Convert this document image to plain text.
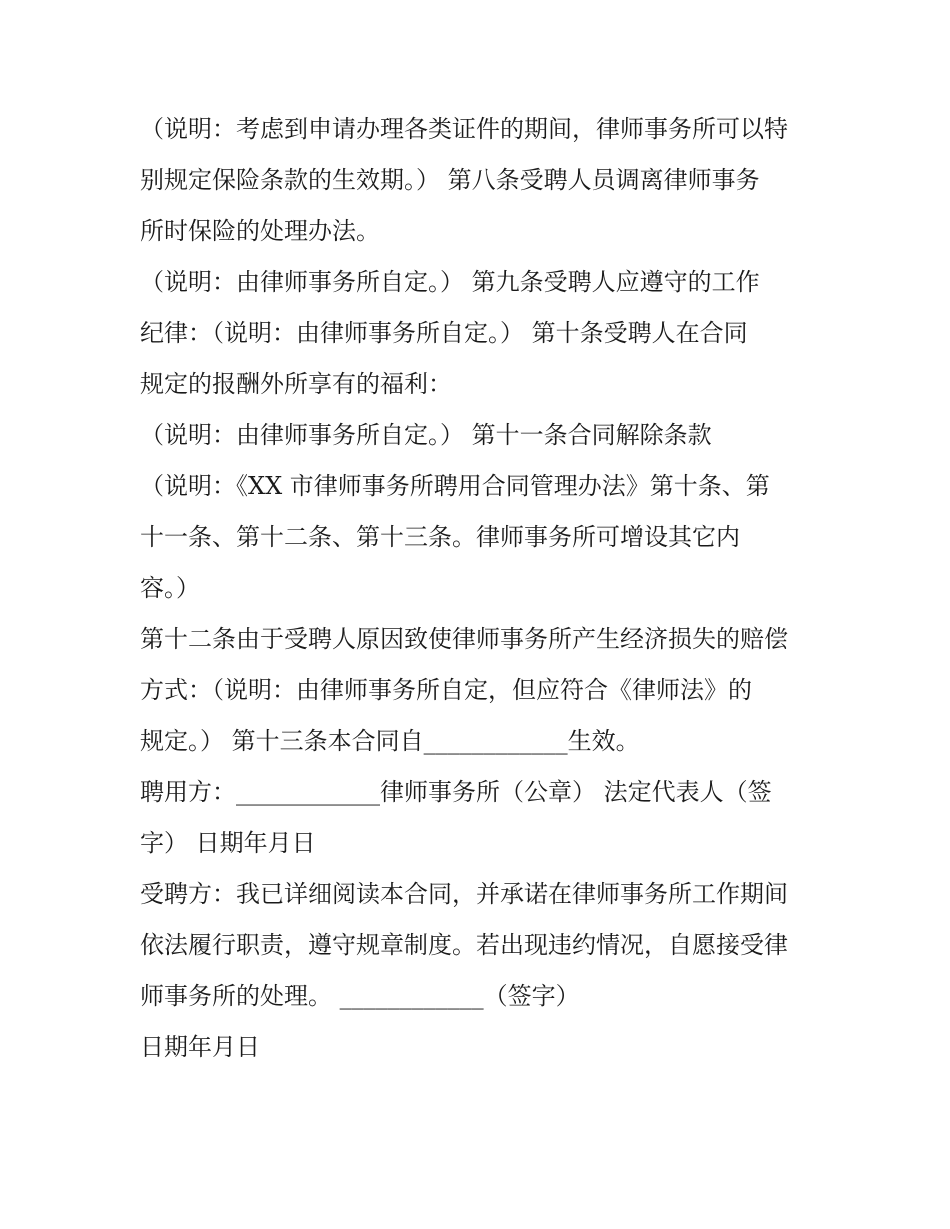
（说明：考虑到申请办理各类证件的期间，律师事务所可以特
别规定保险条款的生效期。） 第八条受聘人员调离律师事务
所时保险的处理办法。
（说明：由律师事务所自定。） 第九条受聘人应遵守的工作
纪律：（说明：由律师事务所自定。） 第十条受聘人在合同
规定的报酬外所享有的福利：
（说明：由律师事务所自定。） 第十一条合同解除条款
（说明：《XX 市律师事务所聘用合同管理办法》第十条、第
十一条、第十二条、第十三条。律师事务所可增设其它内
容。）
第十二条由于受聘人原因致使律师事务所产生经济损失的赔偿
方式：（说明：由律师事务所自定，但应符合《律师法》的
规定。） 第十三条本合同自____________生效。
聘用方：____________律师事务所（公章） 法定代表人（签
字） 日期年月日
受聘方：我已详细阅读本合同，并承诺在律师事务所工作期间
依法履行职责，遵守规章制度。若出现违约情况，自愿接受律
师事务所的处理。 ____________（签字）
日期年月日
